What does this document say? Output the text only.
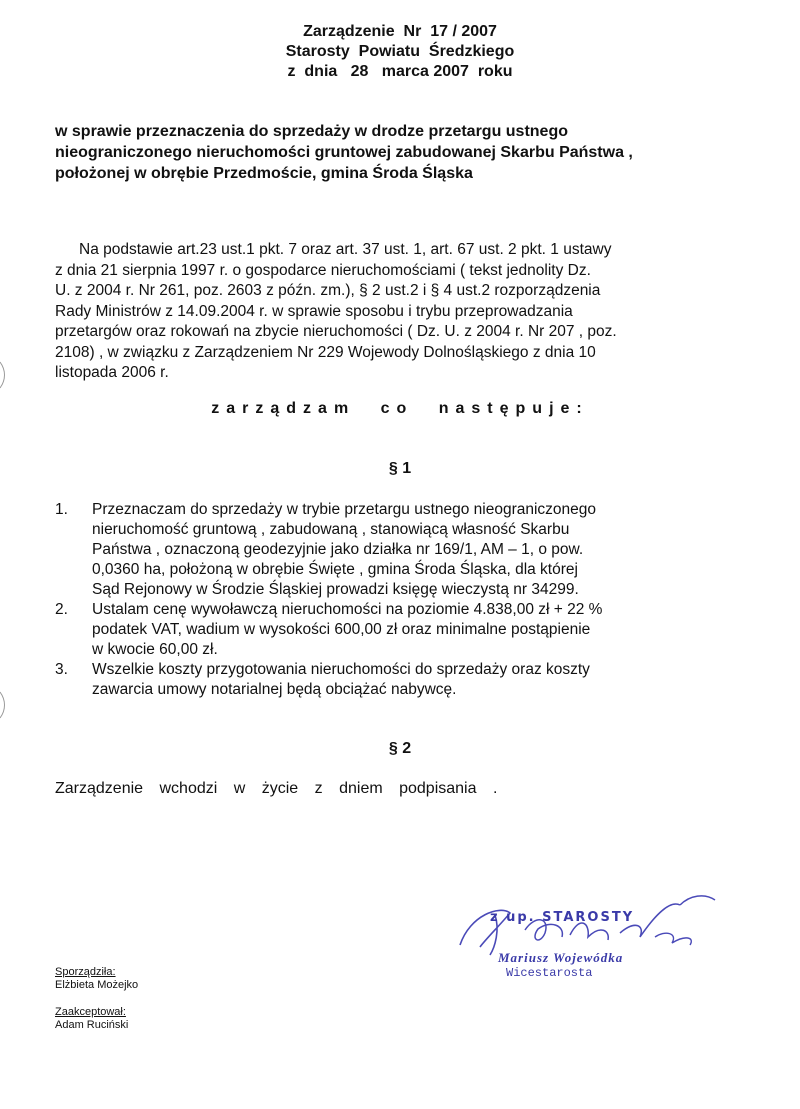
Zarządzenie  Nr  17 / 2007
Starosty  Powiatu  Średzkiego
z  dnia   28   marca 2007  roku
w sprawie przeznaczenia do sprzedaży w drodze przetargu ustnego
nieograniczonego nieruchomości gruntowej zabudowanej Skarbu Państwa ,
położonej w obrębie Przedmoście, gmina Środa Śląska
Na podstawie art.23 ust.1 pkt. 7 oraz art. 37 ust. 1, art. 67 ust. 2 pkt. 1 ustawy
z dnia 21 sierpnia 1997 r. o gospodarce nieruchomościami ( tekst jednolity Dz.
U. z 2004 r. Nr 261, poz. 2603 z późn. zm.), § 2 ust.2 i § 4 ust.2 rozporządzenia
Rady Ministrów z 14.09.2004 r. w sprawie sposobu i trybu przeprowadzania
przetargów oraz rokowań na zbycie nieruchomości ( Dz. U. z 2004 r. Nr 207 , poz.
2108) , w związku z Zarządzeniem Nr 229 Wojewody Dolnośląskiego z dnia 10
listopada 2006 r.
zarządzam co następuje:
§ 1
1.	Przeznaczam do sprzedaży w trybie przetargu ustnego nieograniczonego
nieruchomość gruntową , zabudowaną , stanowiącą własność Skarbu
Państwa , oznaczoną geodezyjnie jako działka nr 169/1, AM – 1, o pow.
0,0360 ha, położoną w obrębie Święte , gmina Środa Śląska, dla której
Sąd Rejonowy w Środzie Śląskiej prowadzi księgę wieczystą nr 34299.
2.	Ustalam cenę wywoławczą nieruchomości na poziomie 4.838,00 zł + 22 %
podatek VAT, wadium w wysokości 600,00 zł oraz minimalne postąpienie
w kwocie 60,00 zł.
3.	Wszelkie koszty przygotowania nieruchomości do sprzedaży oraz koszty
zawarcia umowy notarialnej będą obciążać nabywcę.
§ 2
Zarządzenie wchodzi w życie z dniem podpisania .
z up. STAROSTY
Mariusz Wojewódka
Wicestarosta
Sporządziła:
Elżbieta Możejko
Zaakceptował:
Adam Ruciński
